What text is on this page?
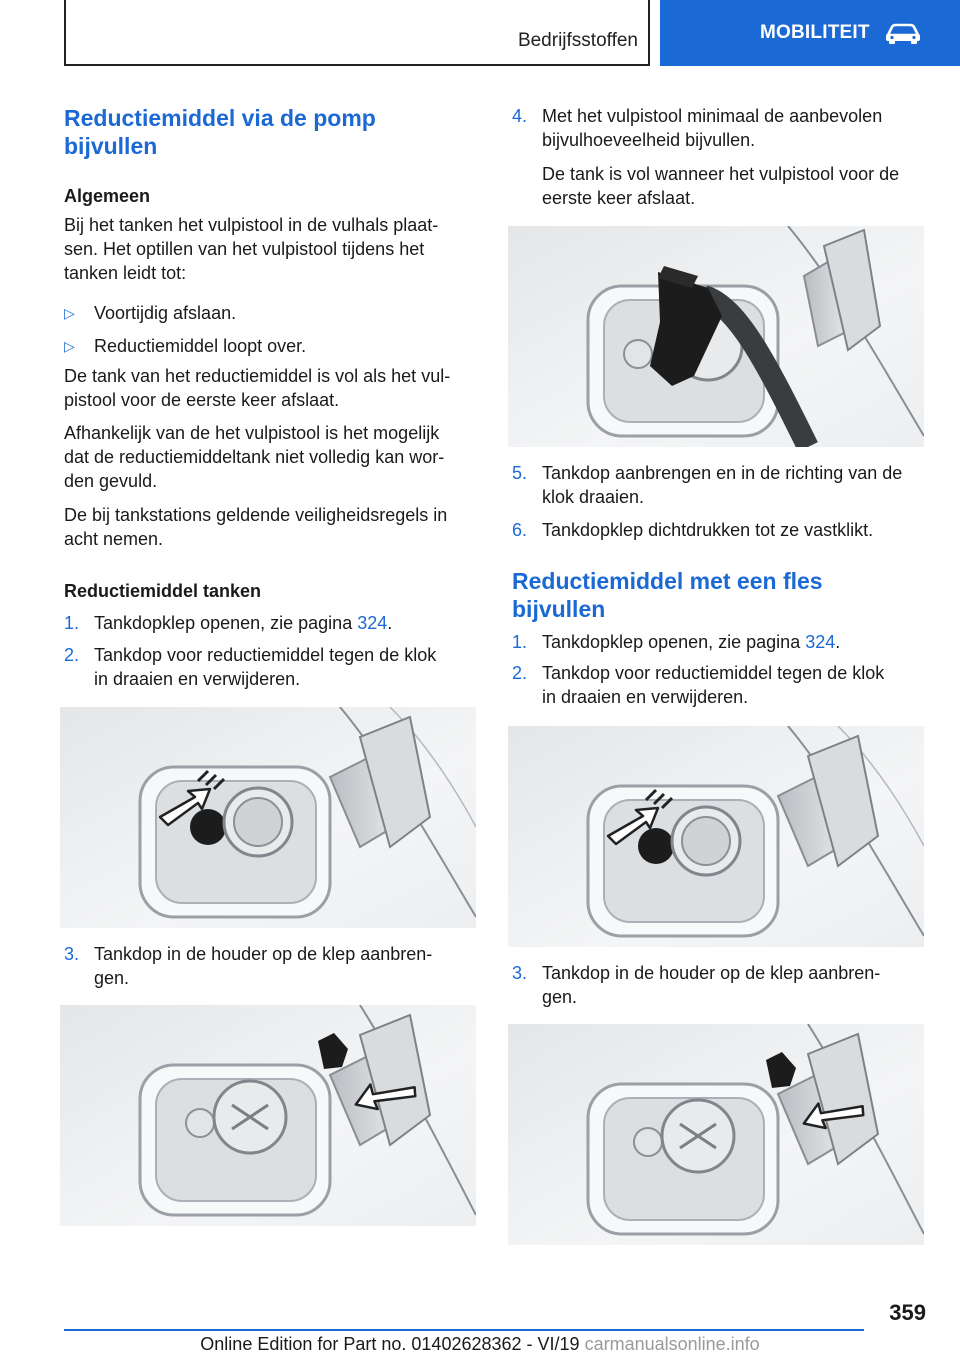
Bedrijfsstoffen	MOBILITEIT
Reductiemiddel via de pomp
bijvullen
Algemeen
Bij het tanken het vulpistool in de vulhals plaat-
sen. Het optillen van het vulpistool tijdens het
tanken leidt tot:
▷ Voortijdig afslaan.
▷ Reductiemiddel loopt over.
De tank van het reductiemiddel is vol als het vul-
pistool voor de eerste keer afslaat.
Afhankelijk van de het vulpistool is het mogelijk
dat de reductiemiddeltank niet volledig kan wor-
den gevuld.
De bij tankstations geldende veiligheidsregels in
acht nemen.
Reductiemiddel tanken
1. Tankdopklep openen, zie pagina 324.
2. Tankdop voor reductiemiddel tegen de klok
in draaien en verwijderen.
3. Tankdop in de houder op de klep aanbren-
gen.
4. Met het vulpistool minimaal de aanbevolen
bijvulhoeveelheid bijvullen.
De tank is vol wanneer het vulpistool voor de
eerste keer afslaat.
5. Tankdop aanbrengen en in de richting van de
klok draaien.
6. Tankdopklep dichtdrukken tot ze vastklikt.
Reductiemiddel met een fles
bijvullen
1. Tankdopklep openen, zie pagina 324.
2. Tankdop voor reductiemiddel tegen de klok
in draaien en verwijderen.
3. Tankdop in de houder op de klep aanbren-
gen.
359
Online Edition for Part no. 01402628362 - VI/19 carmanualsonline.info
